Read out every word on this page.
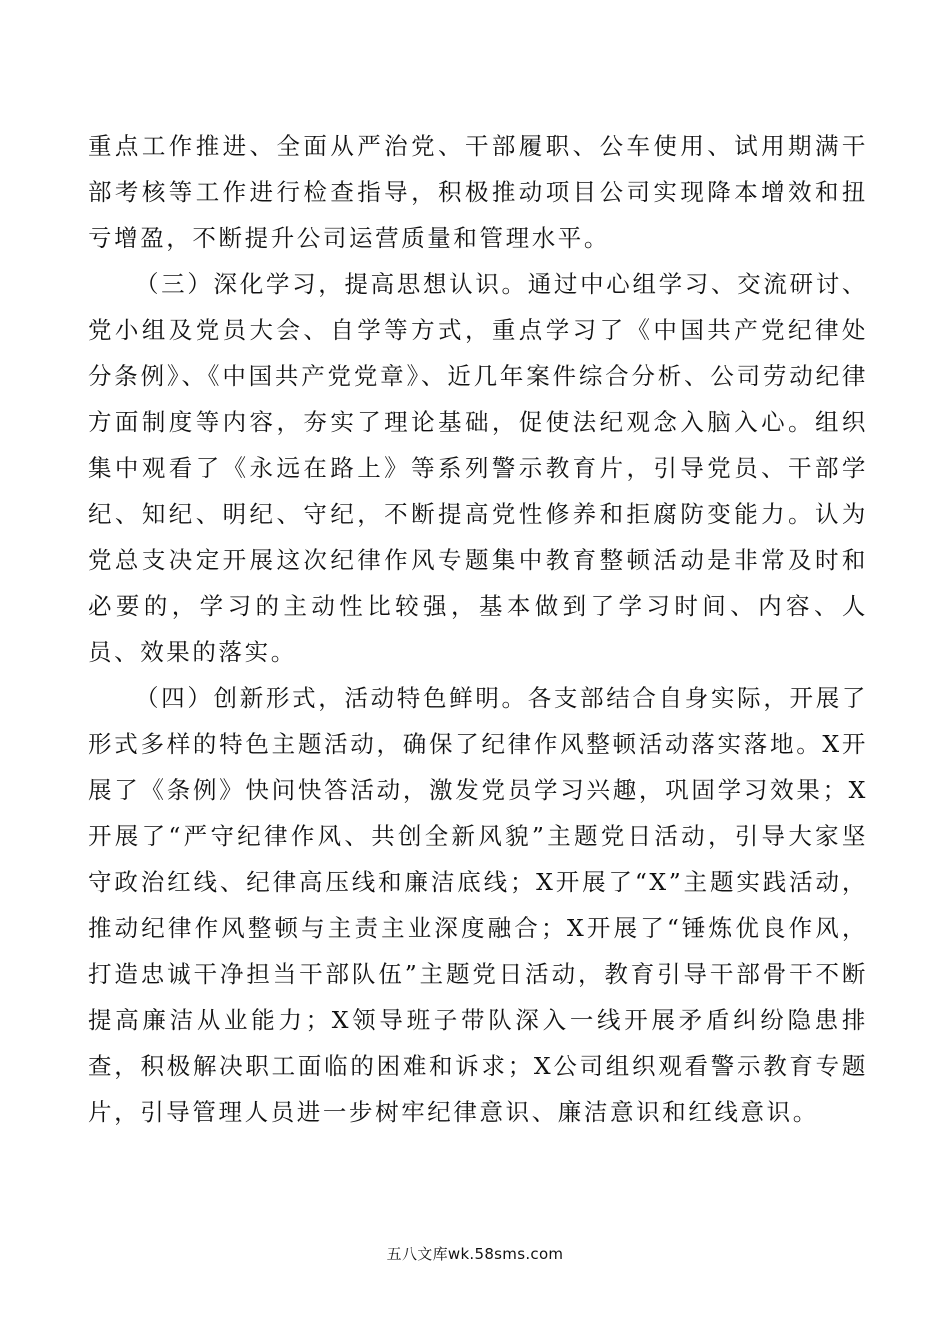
重点工作推进、全面从严治党、干部履职、公车使用、试用期满干部考核等工作进行检查指导，积极推动项目公司实现降本增效和扭亏增盈，不断提升公司运营质量和管理水平。

（三）深化学习，提高思想认识。通过中心组学习、交流研讨、党小组及党员大会、自学等方式，重点学习了《中国共产党纪律处分条例》、《中国共产党党章》、近几年案件综合分析、公司劳动纪律方面制度等内容，夯实了理论基础，促使法纪观念入脑入心。组织集中观看了《永远在路上》等系列警示教育片，引导党员、干部学纪、知纪、明纪、守纪，不断提高党性修养和拒腐防变能力。认为党总支决定开展这次纪律作风专题集中教育整顿活动是非常及时和必要的，学习的主动性比较强，基本做到了学习时间、内容、人员、效果的落实。

（四）创新形式，活动特色鲜明。各支部结合自身实际，开展了形式多样的特色主题活动，确保了纪律作风整顿活动落实落地。X开展了《条例》快问快答活动，激发党员学习兴趣，巩固学习效果；X开展了“严守纪律作风、共创全新风貌”主题党日活动，引导大家坚守政治红线、纪律高压线和廉洁底线；X开展了“X”主题实践活动，推动纪律作风整顿与主责主业深度融合；X开展了“锤炼优良作风，打造忠诚干净担当干部队伍”主题党日活动，教育引导干部骨干不断提高廉洁从业能力；X领导班子带队深入一线开展矛盾纠纷隐患排查，积极解决职工面临的困难和诉求；X公司组织观看警示教育专题片，引导管理人员进一步树牢纪律意识、廉洁意识和红线意识。

五八文库wk.58sms.com
